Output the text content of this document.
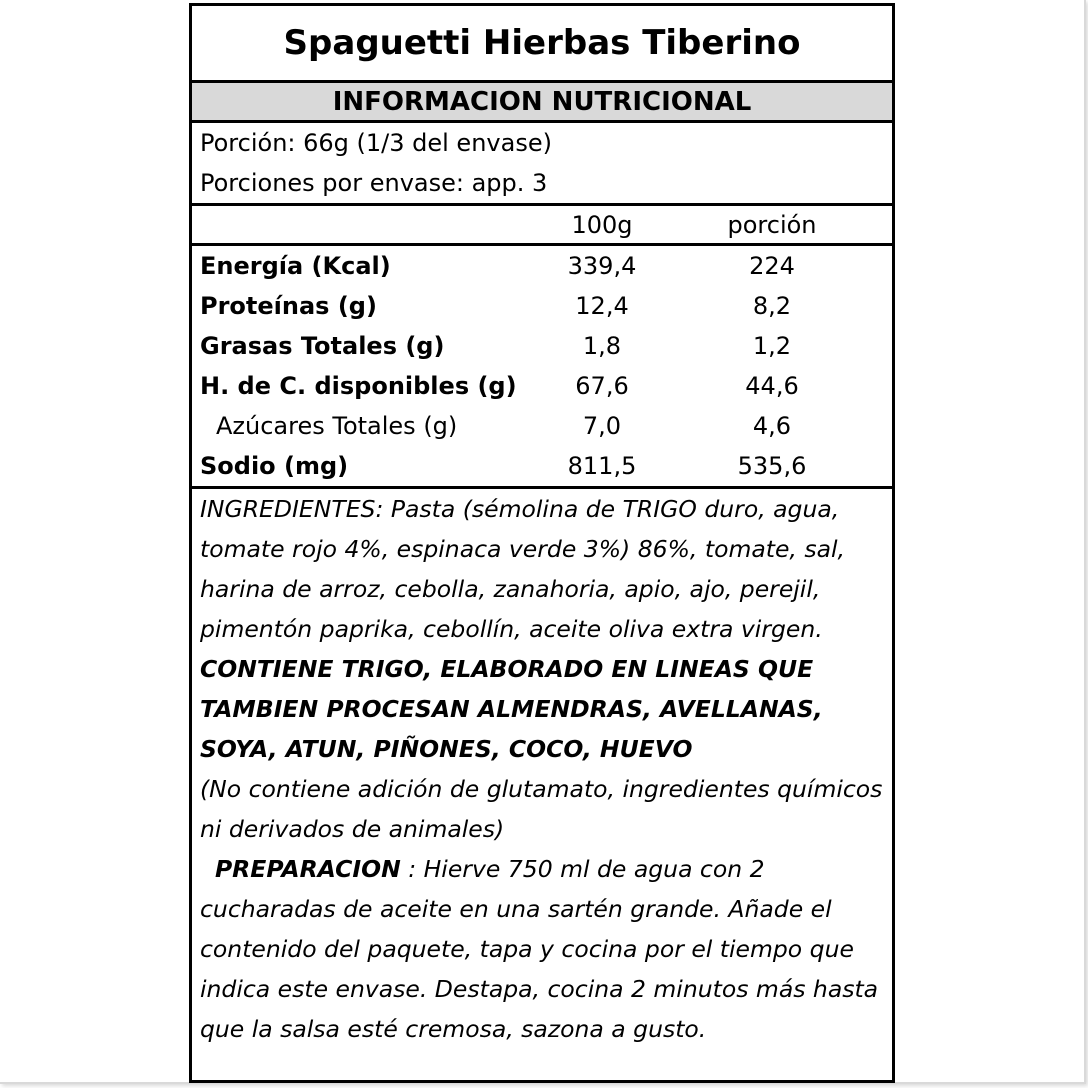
Spaguetti Hierbas Tiberino
INFORMACION NUTRICIONAL
Porción: 66g (1/3 del envase)
Porciones por envase: app. 3
100g	porción
Energía (Kcal)	339,4	224
Proteínas (g)	12,4	8,2
Grasas Totales (g)	1,8	1,2
H. de C. disponibles (g)	67,6	44,6
Azúcares Totales (g)	7,0	4,6
Sodio (mg)	811,5	535,6
INGREDIENTES: Pasta (sémolina de TRIGO duro, agua, tomate rojo 4%, espinaca verde 3%) 86%, tomate, sal, harina de arroz, cebolla, zanahoria, apio, ajo, perejil, pimentón paprika, cebollín, aceite oliva extra virgen.
CONTIENE TRIGO, ELABORADO EN LINEAS QUE TAMBIEN PROCESAN ALMENDRAS, AVELLANAS, SOYA, ATUN, PIÑONES, COCO, HUEVO
(No contiene adición de glutamato, ingredientes químicos ni derivados de animales)
PREPARACION : Hierve 750 ml de agua con 2 cucharadas de aceite en una sartén grande. Añade el contenido del paquete, tapa y cocina por el tiempo que indica este envase. Destapa, cocina 2 minutos más hasta que la salsa esté cremosa, sazona a gusto.
